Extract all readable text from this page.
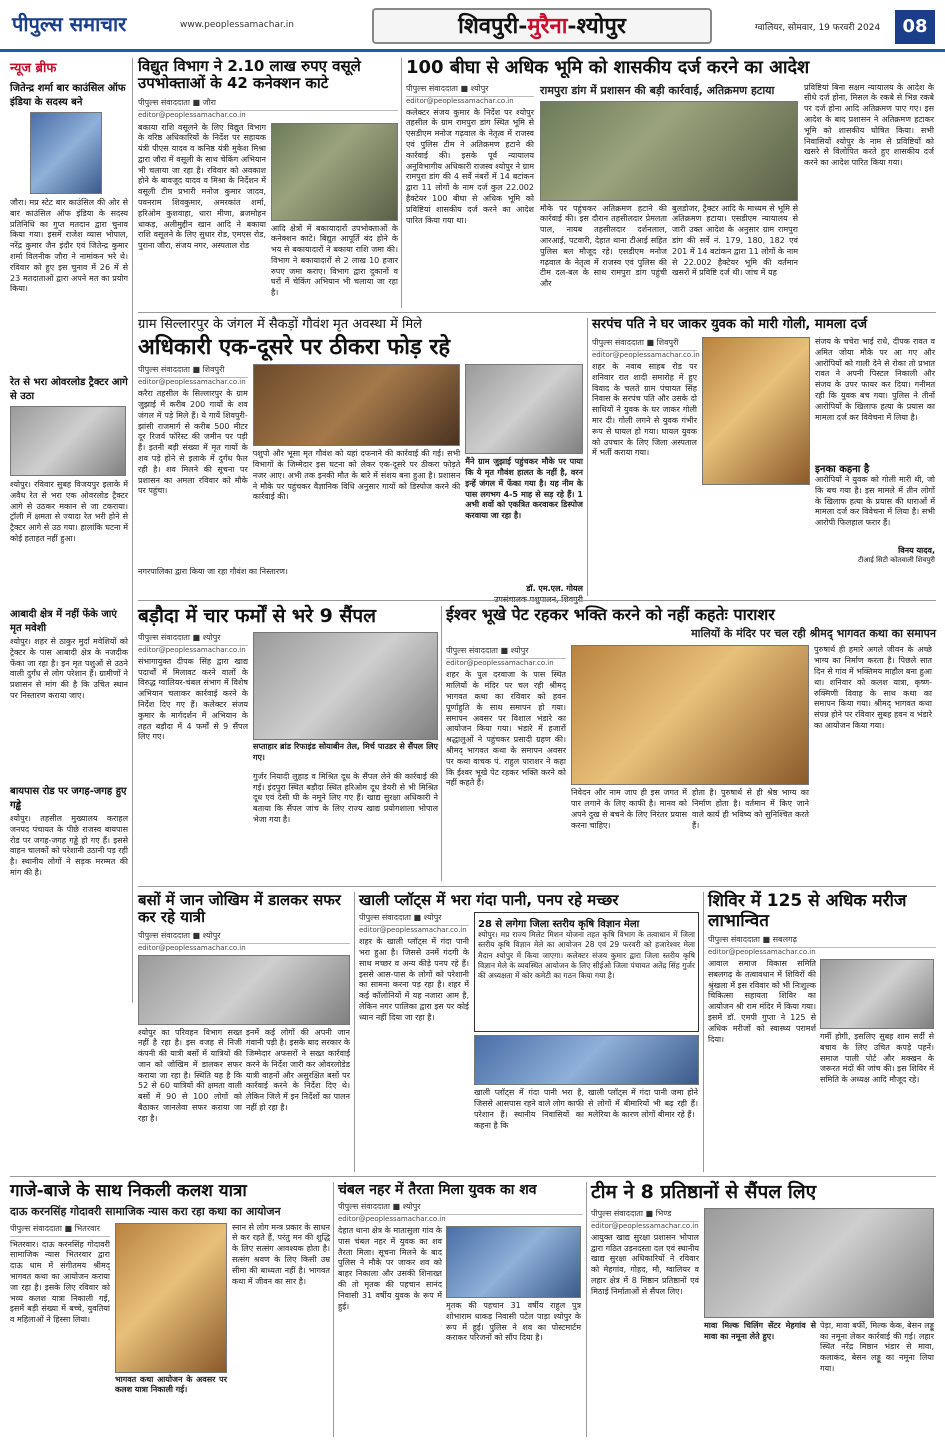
पीपुल्स समाचार	www.peoplessamachar.in	शिवपुरी-मुरैना-श्योपुर	ग्वालियर, सोमवार, 19 फरवरी 2024	08
न्यूज ब्रीफ
जितेन्द्र शर्मा बार काउंसिल ऑफ इंडिया के सदस्य बने
जौरा। मप्र स्टेट बार काउंसिल की ओर से बार काउंसिल ऑफ इंडिया के सदस्य प्रतिनिधि का गुप्त मतदान द्वारा चुनाव किया गया। इसमें राजेश व्यास भोपाल, नरेंद्र कुमार जैन इंदौर एवं जितेन्द्र कुमार शर्मा विलनीक जौरा ने नामांकन भरे थे। रविवार को हुए इस चुनाव में 26 में से 23 मतदाताओं द्वारा अपने मत का प्रयोग किया।
रेत से भरा ओवरलोड ट्रैक्टर आगे से उठा
श्योपुर। रविवार सुबह विजयपुर इलाके में अवैध रेत से भरा एक ओवरलोड ट्रैक्टर आगे से उठकर मकान से जा टकराया। ट्रॉली में क्षमता से ज्यादा रेत भरी होने से ट्रैक्टर आगे से उठ गया। हालांकि घटना में कोई हताहत नहीं हुआ।
आबादी क्षेत्र में नहीं फेंके जाएं मृत मवेशी
श्योपुर। शहर से ठाकुर मुर्दा मवेशियों को ट्रेक्टर के पास आबादी क्षेत्र के नजदीक फेंका जा रहा है। इन मृत पशुओं से उठने वाली दुर्गंध से लोग परेशान हैं। ग्रामीणों ने प्रशासन से मांग की है कि उचित स्थान पर निस्तारण कराया जाए।
बायपास रोड पर जगह-जगह हुए गड्ढे
श्योपुर। तहसील मुख्यालय कराहल जनपद पंचायत के पीछे राजस्व बायपास रोड पर जगह-जगह गड्ढे हो गए हैं। इससे वाहन चालकों को परेशानी उठानी पड़ रही है। स्थानीय लोगों ने सड़क मरम्मत की मांग की है।
विद्युत विभाग ने 2.10 लाख रुपए वसूले उपभोक्ताओं के 42 कनेक्शन काटे
पीपुल्स संवाददाता ■ जौरा
editor@peoplessamachar.co.in
बकाया राशि वसूलने के लिए विद्युत विभाग के वरिष्ठ अधिकारियों के निर्देश पर सहायक यंत्री पीएस यादव व कनिष्ठ यंत्री मुकेश मिश्रा द्वारा जौरा में वसूली के साथ चेकिंग अभियान भी चलाया जा रहा है। रविवार को अवकाश होने के बावजूद यादव व मिश्रा के निर्देशन में वसूली टीम प्रभारी मनोज कुमार जादव, पवनराम शिवकुमार, अमरकांत शर्मा, हरिओम कुशवाहा, धारा मीणा, ब्रजमोहन धाकड़, अलीमुद्दीन खान आदि ने बकाया राशि वसूलने के लिए सुधार रोड, एमएस रोड, पुराना जौरा, संजय नगर, अस्पताल रोड
आदि क्षेत्रों में बकायादारों उपभोक्ताओं के कनेक्शन काटे। बिद्युत आपूर्ति बंद होने के भय से बकायादारों ने बकाया राशि जमा की। विभाग ने बकायादारों से 2 लाख 10 हजार रुपए जमा कराए। विभाग द्वारा दुकानों व घरों में चेकिंग अभियान भी चलाया जा रहा है।
100 बीघा से अधिक भूमि को शासकीय दर्ज करने का आदेश
पीपुल्स संवाददाता ■ श्योपुर
editor@peoplessamachar.co.in
कलेक्टर संजय कुमार के निर्देश पर श्योपुर तहसील के ग्राम रामपुरा डांग स्थित भूमि से एसडीएम मनोज गढ़वाल के नेतृत्व में राजस्व एवं पुलिस टीम ने अतिक्रमण हटाने की कार्रवाई की। इसके पूर्व न्यायालय अनुविभागीय अधिकारी राजस्व श्योपुर ने ग्राम रामपुरा डांग की 4 सर्वे नंबरों में 14 बटांकन द्वारा 11 लोगों के नाम दर्ज कुल 22.002 हैक्टेयर 100 बीघा से अधिक भूमि को प्रविष्टियां शासकीय दर्ज करने का आदेश पारित किया गया था।
रामपुरा डांग में प्रशासन की बड़ी कार्रवाई, अतिक्रमण हटाया
मौके पर पहुंचकर अतिक्रमण हटाने की कार्रवाई की। इस दौरान तहसीलदार प्रेमलता पाल, नायब तहसीलदार दर्शनलाल, आरआई, पटवारी, देहात थाना टीआई सहित पुलिस बल मौजूद रहे। एसडीएम मनोज गढ़वाल के नेतृत्व में राजस्व एवं पुलिस की टीम दल-बल के साथ रामपुरा डांग पहुंची और
बुलडोजर, ट्रैक्टर आदि के माध्यम से भूमि से अतिक्रमण हटाया। एसडीएम न्यायालय से जारी उक्त आदेश के अनुसार ग्राम रामपुरा डांग की सर्वे नं. 179, 180, 182 एवं 201 में 14 बटांकन द्वारा 11 लोगों के नाम से 22.002 हैक्टेयर भूमि की वर्तमान खसरों में प्रविष्टि दर्ज थी। जांच में यह
प्रविष्टियां बिना सक्षम न्यायालय के आदेश के सीधे दर्ज होना, मिसल के रकबे से भिन्न रकबे पर दर्ज होना आदि अतिक्रमण पाए गए। इस आदेश के बाद प्रशासन ने अतिक्रमण हटाकर भूमि को शासकीय घोषित किया। सभी निवासियों श्योपुर के नाम से प्रविष्टियों को खसरे से विलोपित करते हुए शासकीय दर्ज करने का आदेश पारित किया गया।
ग्राम सिल्लारपुर के जंगल में सैकड़ों गौवंश मृत अवस्था में मिले
अधिकारी एक-दूसरे पर ठीकरा फोड़ रहे
पीपुल्स संवाददाता ■ शिवपुरी
editor@peoplessamachar.co.in
करैरा तहसील के सिल्लारपुर के ग्राम जुझाई में करीब 200 गायों के शव जंगल में पड़े मिले हैं। ये गायें शिवपुरी-झांसी राजमार्ग से करीब 500 मीटर दूर रिजर्व फॉरेस्ट की जमीन पर पड़ी हैं। इतनी बड़ी संख्या में मृत गायों के शव पड़े होने से इलाके में दुर्गंध फैल रही है। शव मिलने की सूचना पर प्रशासन का अमला रविवार को मौके पर पहुंचा।
पशुपो और भूसा मृत गौवंश को यहां दफनाने की कार्रवाई की गई। सभी विभागों के जिम्मेदार इस घटना को लेकर एक-दूसरे पर ठीकरा फोड़ते नजर आए। अभी तक इनकी मौत के बारे में संशय बना हुआ है। प्रशासन ने मौके पर पहुंचकर वैज्ञानिक विधि अनुसार गायों को डिस्पोज करने की कार्रवाई की।
मैंने ग्राम जुझाई पहुंचकर मौके पर पाया कि ये मृत गौवंश हालत के नहीं है, वरन इन्हें जंगल में फेंका गया है। यह नीम के पास लगभग 4-5 माह से सड़ रहे हैं। 1 अभी शवों को एकत्रित करवाकर डिस्पोज करवाया जा रहा है।
नगरपालिका द्वारा किया जा रहा गौवंश का निस्तारण।
डॉ. एम.एल. गोयल
सरपंच पति ने घर जाकर युवक को मारी गोली, मामला दर्ज
पीपुल्स संवाददाता ■ शिवपुरी
editor@peoplessamachar.co.in
शहर के नवाब साहब रोड पर शनिवार रात शादी समारोह में हुए विवाद के चलते ग्राम पंचायत सिंह निवास के सरपंच पति और उसके दो साथियों ने युवक के घर जाकर गोली मार दी। गोली लगने से युवक गंभीर रूप से घायल हो गया। घायल युवक को उपचार के लिए जिला अस्पताल में भर्ती कराया गया।
संजय के चचेरा भाई राधे, दीपक रावत व अमित जोया मौके पर आ गए और आरोपियों को गाली देने से रोका तो प्रभात रावत ने अपनी पिस्टल निकाली और संजय के उपर फायर कर दिया। गनीमत रही कि युवक बच गया। पुलिस ने तीनों आरोपियों के खिलाफ हत्या के प्रयास का मामला दर्ज कर विवेचना में लिया है।
इनका कहना है
आरोपियों ने युवक को गोली मारी थी, जो कि बच गया है। इस मामले में तीन लोगों के खिलाफ हत्या के प्रयास की धाराओं में मामला दर्ज कर विवेचना में लिया है। सभी आरोपी फिलहाल फरार हैं।
विनय यादव,
टीआई सिटी कोतवाली शिवपुरी
बड़ौदा में चार फर्मों से भरे 9 सैंपल
पीपुल्स संवाददाता ■ श्योपुर
editor@peoplessamachar.co.in
संभागायुक्त दीपक सिंह द्वारा खाद्य पदार्थों में मिलावट करने वालों के विरुद्ध ग्वालियर-चंबल संभाग में विशेष अभियान चलाकर कार्रवाई करने के निर्देश दिए गए हैं। कलेक्टर संजय कुमार के मार्गदर्शन में अभियान के तहत बड़ौदा में 4 फर्मों से 9 सैंपल लिए गए।
सप्ताहार ब्रांड रिफाइंड सोयाबीन तेल, मिर्च पाउडर से सैंपल लिए गए।
गुर्जर नियादी लुहाड़ व मिश्रित दूध के सैंपल लेने की कार्रवाई की गई। इंदपुरा स्थित बड़ौदा स्थित हरिओम दूध डेयरी से भी मिश्रित दूध एवं देसी घी के नमूने लिए गए हैं। खाद्य सुरक्षा अधिकारी ने बताया कि सैंपल जांच के लिए राज्य खाद्य प्रयोगशाला भोपाल भेजा गया है।
ईश्वर भूखे पेट रहकर भक्ति करने को नहीं कहतेः पाराशर
मालियों के मंदिर पर चल रही श्रीमद् भागवत कथा का समापन
पीपुल्स संवाददाता ■ श्योपुर
editor@peoplessamachar.co.in
शहर के पुल दरवाजा के पास स्थित मालियों के मंदिर पर चल रही श्रीमद् भागवत कथा का रविवार को हवन पूर्णाहुति के साथ समापन हो गया। समापन अवसर पर विशाल भंडारे का आयोजन किया गया। भंडारे में हजारों श्रद्धालुओं ने पहुंचकर प्रसादी ग्रहण की। श्रीमद् भागवत कथा के समापन अवसर पर कथा वाचक पं. राहुल पाराशर ने कहा कि ईश्वर भूखे पेट रहकर भक्ति करने को नहीं कहते हैं।
निवेदन और नाम जाप ही इस जगत में पार लगाने के लिए काफी है। मानव को अपने दुख से बचने के लिए निरंतर प्रयास करना चाहिए।
होता है। पुरुषार्थ से ही श्रेष्ठ भाग्य का निर्माण होता है। वर्तमान में किए जाने वाले कार्य ही भविष्य को सुनिश्चित करते हैं।
पुरुषार्थ ही हमारे अगले जीवन के अच्छे भाग्य का निर्माण करता है। पिछले सात दिन से गांव में भक्तिमय माहौल बना हुआ था। शनिवार को कलश यात्रा, कृष्ण-रुक्मिणी विवाह के साथ कथा का समापन किया गया। श्रीमद् भागवत कथा संपन्न होने पर रविवार सुबह हवन व भंडारे का आयोजन किया गया।
बसों में जान जोखिम में डालकर सफर कर रहे यात्री
पीपुल्स संवाददाता ■ श्योपुर
editor@peoplessamachar.co.in
श्योपुर का परिवहन विभाग सख्त नहीं है रहा है। इस वजह से निजी कंपनी की यात्री बसों में यात्रियों की जान को जोखिम में डालकर सफर कराया जा रहा है। स्थिति यह है कि 52 से 60 यात्रियों की क्षमता वाली बसों में 90 से 100 लोगों को बैठाकर जानलेवा सफर कराया जा रहा है।
इनमें कई लोगों की अपनी जान गंवानी पड़ी है। इसके बाद सरकार के जिम्मेदार अफसरों ने सख्त कार्रवाई करने के निर्देश जारी कर ओवरलोडेड यात्री वाहनों और असुरक्षित बसों पर कार्रवाई करने के निर्देश दिए थे। लेकिन जिले में इन निर्देशों का पालन नहीं हो रहा है।
खाली प्लॉट्स में भरा गंदा पानी, पनप रहे मच्छर
पीपुल्स संवाददाता ■ श्योपुर
editor@peoplessamachar.co.in
शहर के खाली प्लॉट्स में गंदा पानी भरा हुआ है। जिससे उनमें गंदगी के साथ मच्छर व अन्य कीड़े पनप रहे हैं। इससे आस-पास के लोगों को परेशानी का सामना करना पड़ रहा है। शहर में कई कॉलोनियों में यह नजारा आम है, लेकिन नगर पालिका द्वारा इस पर कोई ध्यान नहीं दिया जा रहा है।
28 से लगेगा जिला स्तरीय कृषि विज्ञान मेला
श्योपुर। मप्र राज्य मिलेट मिशन योजना तहत कृषि विभाग के तत्वाधान में जिला स्तरीय कृषि विज्ञान मेले का आयोजन 28 एवं 29 फरवरी को हजारेश्वर मेला मैदान श्योपुर में किया जाएगा। कलेक्टर संजय कुमार द्वारा जिला स्तरीय कृषि विज्ञान मेले के व्यवस्थित आयोजन के लिए सीईओ जिला पंचायत अतेंद्र सिंह गुर्जर की अध्यक्षता में कोर कमेटी का गठन किया गया है।
खाली प्लॉट्स में गंदा पानी भरा है, जिससे आसपास रहने वाले लोग काफी परेशान हैं। स्थानीय निवासियों का कहना है कि
खाली प्लॉट्स में गंदा पानी जमा होने से लोगों में बीमारियों भी बढ़ रही हैं। मलेरिया के कारण लोगों बीमार रहे हैं।
शिविर में 125 से अधिक मरीज लाभान्वित
पीपुल्स संवाददाता ■ सबलगढ़
editor@peoplessamachar.co.in
आवाल समाज विकास समिति सबलगढ़ के तत्वावधान में शिविरों की श्रृंखला में इस रविवार को भी निःशुल्क चिकित्सा सहायता शिविर का आयोजन श्री राम मंदिर में किया गया। इसमें डॉ. एमपी गुप्ता ने 125 से अधिक मरीजों को स्वास्थ्य परामर्श दिया।	गर्मी होगी, इसलिए सुबह शाम सर्दी से बचाव के लिए उचित कपड़े पहनें। समाज पाली पोर्ट और मक्खन के जरूरत मंदों की जांच की। इस शिविर में समिति के अध्यक्ष आदि मौजूद रहे।
गाजे-बाजे के साथ निकली कलश यात्रा
दाऊ करनसिंह गोदावरी सामाजिक न्यास करा रहा कथा का आयोजन
पीपुल्स संवाददाता ■ भितरवार
भितरवार। दाऊ करनसिंह गोदावरी सामाजिक न्यास भितरवार द्वारा दाऊ धाम में संगीतमय श्रीमद् भागवत कथा का आयोजन कराया जा रहा है। इसके लिए रविवार को भव्य कलश यात्रा निकाली गई, इसमें बड़ी संख्या में बच्चे, युवतियां व महिलाओं ने हिस्सा लिया।
भागवत कथा आयोजन के अवसर पर कलश यात्रा निकाली गई।
स्नान से लोग मन्त्र प्रकार के साधन से कर रहते हैं, परंतु मन की शुद्धि के लिए सत्संग आवश्यक होता है। सत्संग श्रवण के लिए किसी उम्र सीमा की बाध्यता नहीं है। भागवत कथा में जीवन का सार है।
चंबल नहर में तैरता मिला युवक का शव
पीपुल्स संवाददाता ■ श्योपुर
editor@peoplessamachar.co.in
देहात थाना क्षेत्र के मातासुला गांव के पास चंबल नहर में युवक का शव तैरता मिला। सूचना मिलने के बाद पुलिस ने मौके पर जाकर शव को बाहर निकाला और उसकी शिनाख्त की तो मृतक की पहचान सानंद निवासी 31 वर्षीय युवक के रूप में हुई।	मृतक की पहचान 31 वर्षीय राहुल पुत्र शोभाराम धाकड़ निवासी पटेल पाड़ा श्योपुर के रूप में हुई। पुलिस ने शव का पोस्टमार्टम कराकर परिजनों को सौंप दिया है।
टीम ने 8 प्रतिष्ठानों से सैंपल लिए
पीपुल्स संवाददाता ■ भिण्ड
editor@peoplessamachar.co.in
आयुक्त खाद्य सुरक्षा प्रशासन भोपाल द्वारा गठित उड़नदस्ता दल एवं स्थानीय खाद्य सुरक्षा अधिकारियों ने रविवार को मेहगांव, गोहद, मौ, ग्वालियर व लहार क्षेत्र में 8 मिष्ठान प्रतिष्ठानों एवं मिठाई निर्माताओं से सैंपल लिए।
मावा मिल्क चिलिंग सेंटर मेहगांव से मावा का नमूना लेते हुए।
पेड़ा, मावा बर्फी, मिल्क केक, बेसन लड्डू का नमूना लेकर कार्रवाई की गई। लहार स्थित नरेंद्र मिष्ठान भंडार से मावा, कलाकंद, बेसन लड्डू का नमूना लिया गया।
